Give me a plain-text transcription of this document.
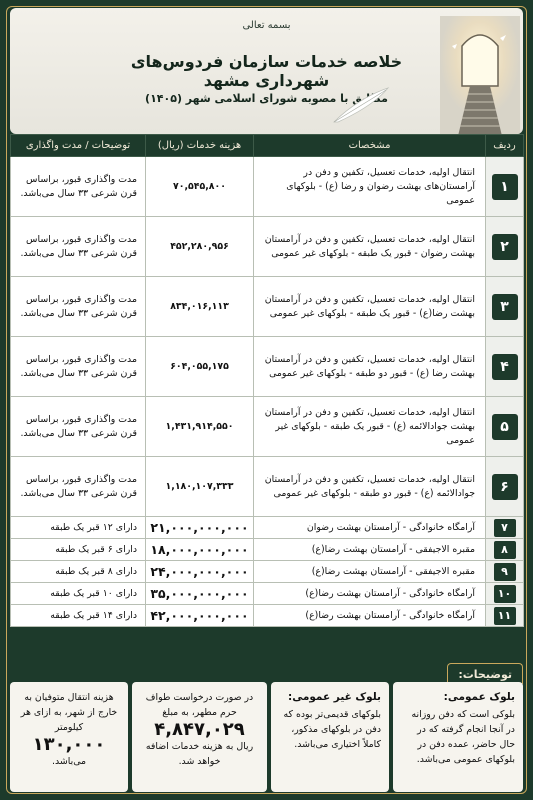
بسمه تعالی
خلاصه خدمات سازمان فردوس‌های شهرداری مشهد
مطابق با مصوبه شورای اسلامی شهر (۱۴۰۵)
ردیف	مشخصات	هزینه خدمات (ریال)	توضیحات / مدت واگذاری
۱	انتقال اولیه، خدمات تعسیل، تکفین و دفن در آرامستان‌های بهشت رضوان و رضا (ع) - بلوکهای عمومی	۷۰,۵۴۵,۸۰۰	مدت واگذاری قبور، براساس قرن شرعی ۳۳ سال می‌باشد.
۲	انتقال اولیه، خدمات تعسیل، تکفین و دفن در آرامستان بهشت رضوان - قبور یک طبقه - بلوکهای غیر عمومی	۴۵۲,۲۸۰,۹۵۶	مدت واگذاری قبور، براساس قرن شرعی ۳۳ سال می‌باشد.
۳	انتقال اولیه، خدمات تعسیل، تکفین و دفن در آرامستان بهشت رضا(ع) - قبور یک طبقه - بلوکهای غیر عمومی	۸۳۴,۰۱۶,۱۱۳	مدت واگذاری قبور، براساس قرن شرعی ۳۳ سال می‌باشد.
۴	انتقال اولیه، خدمات تعسیل، تکفین و دفن در آرامستان بهشت رضا (ع) - قبور دو طبقه - بلوکهای غیر عمومی	۶۰۴,۰۵۵,۱۷۵	مدت واگذاری قبور، براساس قرن شرعی ۳۳ سال می‌باشد.
۵	انتقال اولیه، خدمات تعسیل، تکفین و دفن در آرامستان بهشت جوادالائمه (ع) - قبور یک طبقه - بلوکهای غیر عمومی	۱,۴۳۱,۹۱۴,۵۵۰	مدت واگذاری قبور، براساس قرن شرعی ۳۳ سال می‌باشد.
۶	انتقال اولیه، خدمات تعسیل، تکفین و دفن در آرامستان جوادالائمه (ع) - قبور دو طبقه - بلوکهای غیر عمومی	۱,۱۸۰,۱۰۷,۳۳۳	مدت واگذاری قبور، براساس قرن شرعی ۳۳ سال می‌باشد.
۷	آرامگاه خانوادگی - آرامستان بهشت رضوان	۲۱,۰۰۰,۰۰۰,۰۰۰	دارای ۱۲ قبر یک طبقه
۸	مقبره الاجیفقی - آرامستان بهشت رضا(ع)	۱۸,۰۰۰,۰۰۰,۰۰۰	دارای ۶ قبر یک طبقه
۹	مقبره الاجیفقی - آرامستان بهشت رضا(ع)	۲۴,۰۰۰,۰۰۰,۰۰۰	دارای ۸ قبر یک طبقه
۱۰	آرامگاه خانوادگی - آرامستان بهشت رضا(ع)	۳۵,۰۰۰,۰۰۰,۰۰۰	دارای ۱۰ قبر یک طبقه
۱۱	آرامگاه خانوادگی - آرامستان بهشت رضا(ع)	۴۲,۰۰۰,۰۰۰,۰۰۰	دارای ۱۴ قبر یک طبقه
توضیحات:
بلوک عمومی:
بلوکی است که دفن روزانه در آنجا انجام گرفته که در حال حاضر، عمده دفن در بلوکهای عمومی می‌باشد.
بلوک غیر عمومی:
بلوکهای قدیمی‌تر بوده که دفن در بلوکهای مذکور، کاملاً اختیاری می‌باشد.
در صورت درخواست طواف حرم مطهر، به مبلغ
۴,۸۴۷,۰۲۹
ریال به هزینه خدمات اضافه خواهد شد.
هزینه انتقال متوفیان به خارج از شهر، به ازای هر کیلومتر
۱۳۰,۰۰۰
می‌باشد.
